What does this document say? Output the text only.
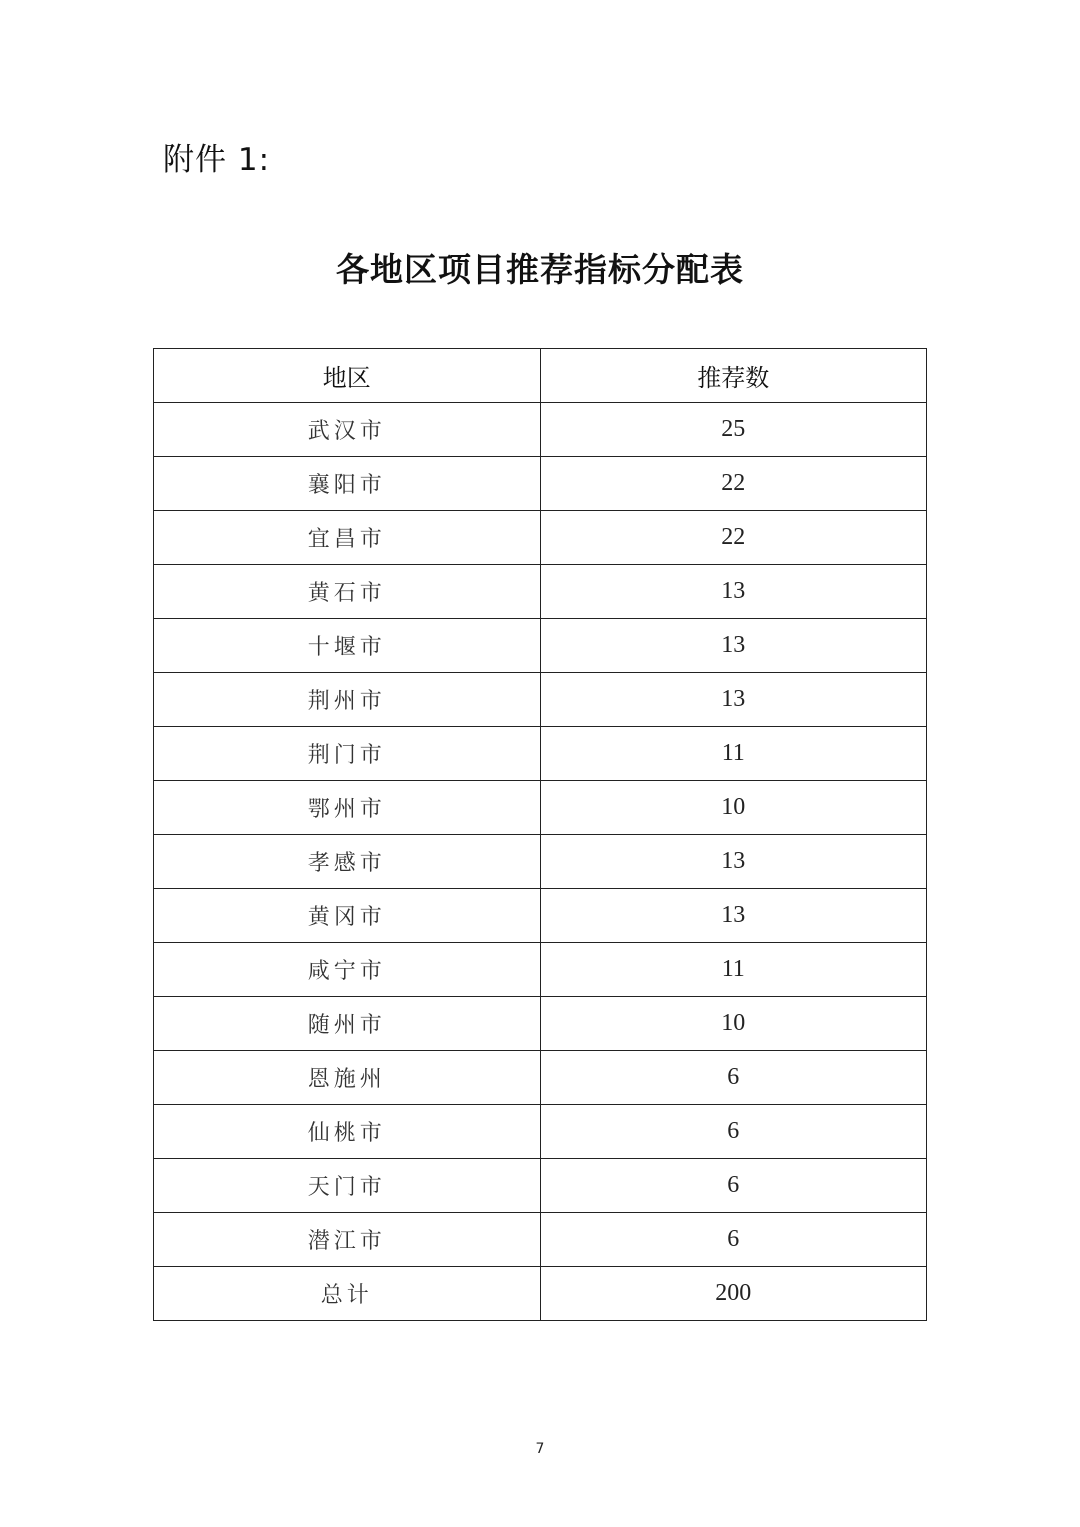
附件 1:
各地区项目推荐指标分配表
地区	推荐数
武汉市	25
襄阳市	22
宜昌市	22
黄石市	13
十堰市	13
荆州市	13
荆门市	11
鄂州市	10
孝感市	13
黄冈市	13
咸宁市	11
随州市	10
恩施州	6
仙桃市	6
天门市	6
潜江市	6
总计	200
7
